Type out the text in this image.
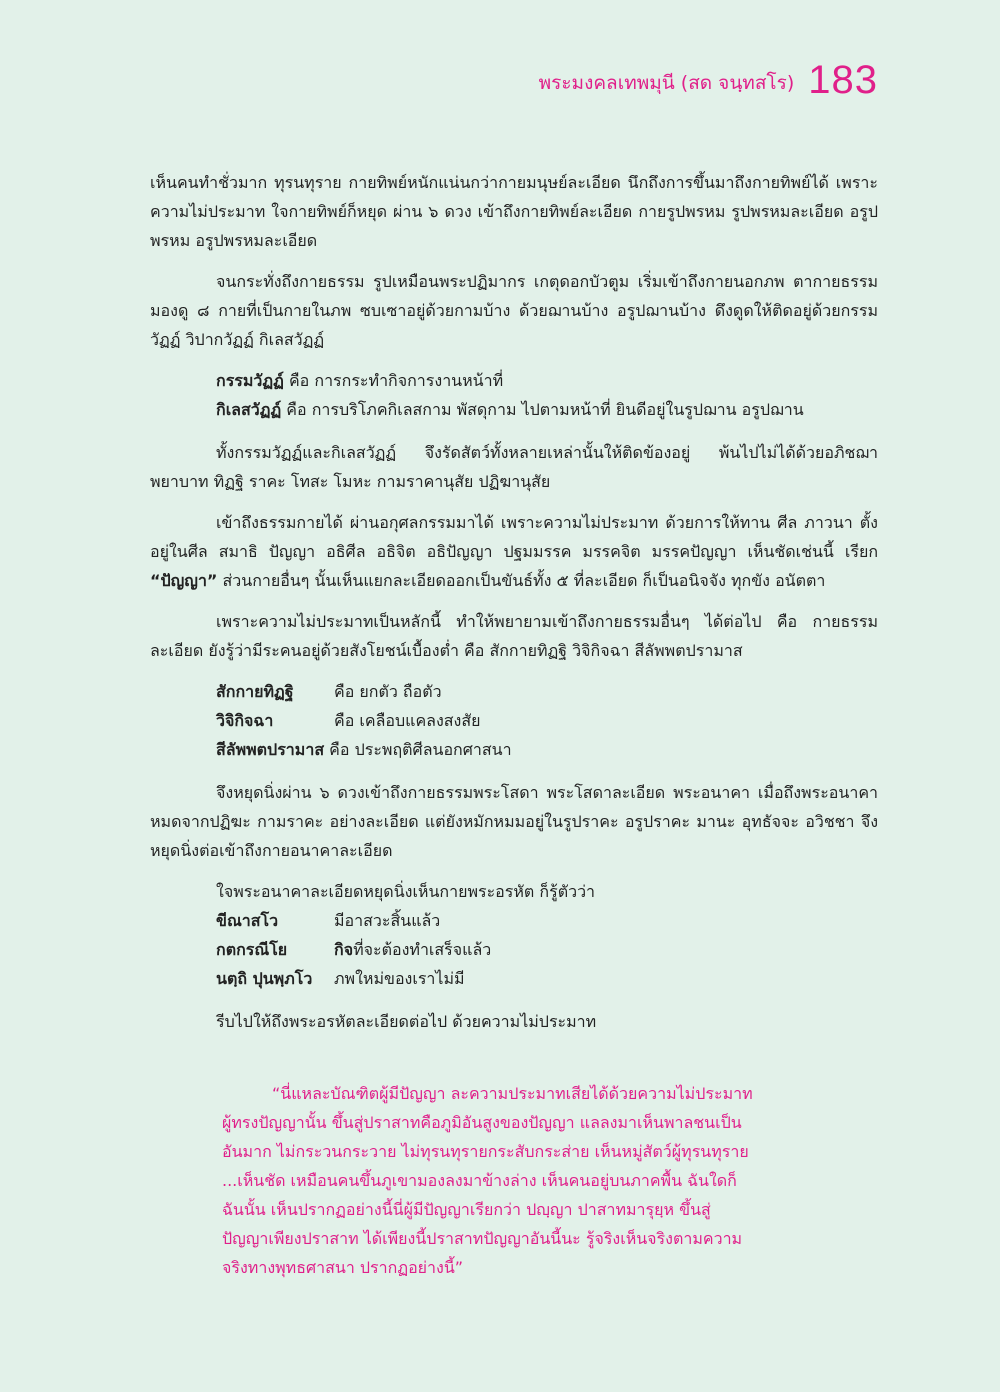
พระมงคลเทพมุนี (สด จนฺทสโร) 183

เห็นคนทำชั่วมาก ทุรนทุราย กายทิพย์หนักแน่นกว่ากายมนุษย์ละเอียด นึกถึงการขึ้นมาถึงกายทิพย์ได้ เพราะความไม่ประมาท ใจกายทิพย์ก็หยุด ผ่าน ๖ ดวง เข้าถึงกายทิพย์ละเอียด กายรูปพรหม รูปพรหมละเอียด อรูปพรหม อรูปพรหมละเอียด

จนกระทั่งถึงกายธรรม รูปเหมือนพระปฏิมากร เกตุดอกบัวตูม เริ่มเข้าถึงกายนอกภพ ตากายธรรมมองดู ๘ กายที่เป็นกายในภพ ซบเซาอยู่ด้วยกามบ้าง ด้วยฌานบ้าง อรูปฌานบ้าง ดึงดูดให้ติดอยู่ด้วยกรรมวัฏฏ์ วิปากวัฏฏ์ กิเลสวัฏฏ์

กรรมวัฏฏ์ คือ การกระทำกิจการงานหน้าที่
กิเลสวัฏฏ์ คือ การบริโภคกิเลสกาม พัสดุกาม ไปตามหน้าที่ ยินดีอยู่ในรูปฌาน อรูปฌาน

ทั้งกรรมวัฏฏ์และกิเลสวัฏฏ์ จึงรัดสัตว์ทั้งหลายเหล่านั้นให้ติดข้องอยู่ พ้นไปไม่ได้ด้วยอภิชฌา พยาบาท ทิฏฐิ ราคะ โทสะ โมหะ กามราคานุสัย ปฏิฆานุสัย

เข้าถึงธรรมกายได้ ผ่านอกุศลกรรมมาได้ เพราะความไม่ประมาท ด้วยการให้ทาน ศีล ภาวนา ตั้งอยู่ในศีล สมาธิ ปัญญา อธิศีล อธิจิต อธิปัญญา ปฐมมรรค มรรคจิต มรรคปัญญา เห็นชัดเช่นนี้ เรียก “ปัญญา” ส่วนกายอื่นๆ นั้นเห็นแยกละเอียดออกเป็นขันธ์ทั้ง ๕ ที่ละเอียด ก็เป็นอนิจจัง ทุกขัง อนัตตา

เพราะความไม่ประมาทเป็นหลักนี้ ทำให้พยายามเข้าถึงกายธรรมอื่นๆ ได้ต่อไป คือ กายธรรมละเอียด ยังรู้ว่ามีระคนอยู่ด้วยสังโยชน์เบื้องต่ำ คือ สักกายทิฏฐิ วิจิกิจฉา สีลัพพตปรามาส

สักกายทิฏฐิ	คือ ยกตัว ถือตัว
วิจิกิจฉา	คือ เคลือบแคลงสงสัย
สีลัพพตปรามาส คือ ประพฤติศีลนอกศาสนา

จึงหยุดนิ่งผ่าน ๖ ดวงเข้าถึงกายธรรมพระโสดา พระโสดาละเอียด พระอนาคา เมื่อถึงพระอนาคา หมดจากปฏิฆะ กามราคะ อย่างละเอียด แต่ยังหมักหมมอยู่ในรูปราคะ อรูปราคะ มานะ อุทธัจจะ อวิชชา จึงหยุดนิ่งต่อเข้าถึงกายอนาคาละเอียด

ใจพระอนาคาละเอียดหยุดนิ่งเห็นกายพระอรหัต ก็รู้ตัวว่า
ขีณาสโว	มีอาสวะสิ้นแล้ว
กตกรณีโย	กิจที่จะต้องทำเสร็จแล้ว
นตฺถิ ปุนพฺภโว ภพใหม่ของเราไม่มี

รีบไปให้ถึงพระอรหัตละเอียดต่อไป ด้วยความไม่ประมาท

“นี่แหละบัณฑิตผู้มีปัญญา ละความประมาทเสียได้ด้วยความไม่ประมาท
ผู้ทรงปัญญานั้น ขึ้นสู่ปราสาทคือภูมิอันสูงของปัญญา แลลงมาเห็นพาลชนเป็น
อันมาก ไม่กระวนกระวาย ไม่ทุรนทุรายกระสับกระส่าย เห็นหมู่สัตว์ผู้ทุรนทุราย
...เห็นชัด เหมือนคนขึ้นภูเขามองลงมาข้างล่าง เห็นคนอยู่บนภาคพื้น ฉันใดก็
ฉันนั้น เห็นปรากฏอย่างนี้นี่ผู้มีปัญญาเรียกว่า ปญฺญา ปาสาทมารุยฺห ขึ้นสู่
ปัญญาเพียงปราสาท ได้เพียงนี้ปราสาทปัญญาอันนี้นะ รู้จริงเห็นจริงตามความ
จริงทางพุทธศาสนา ปรากฏอย่างนี้”
